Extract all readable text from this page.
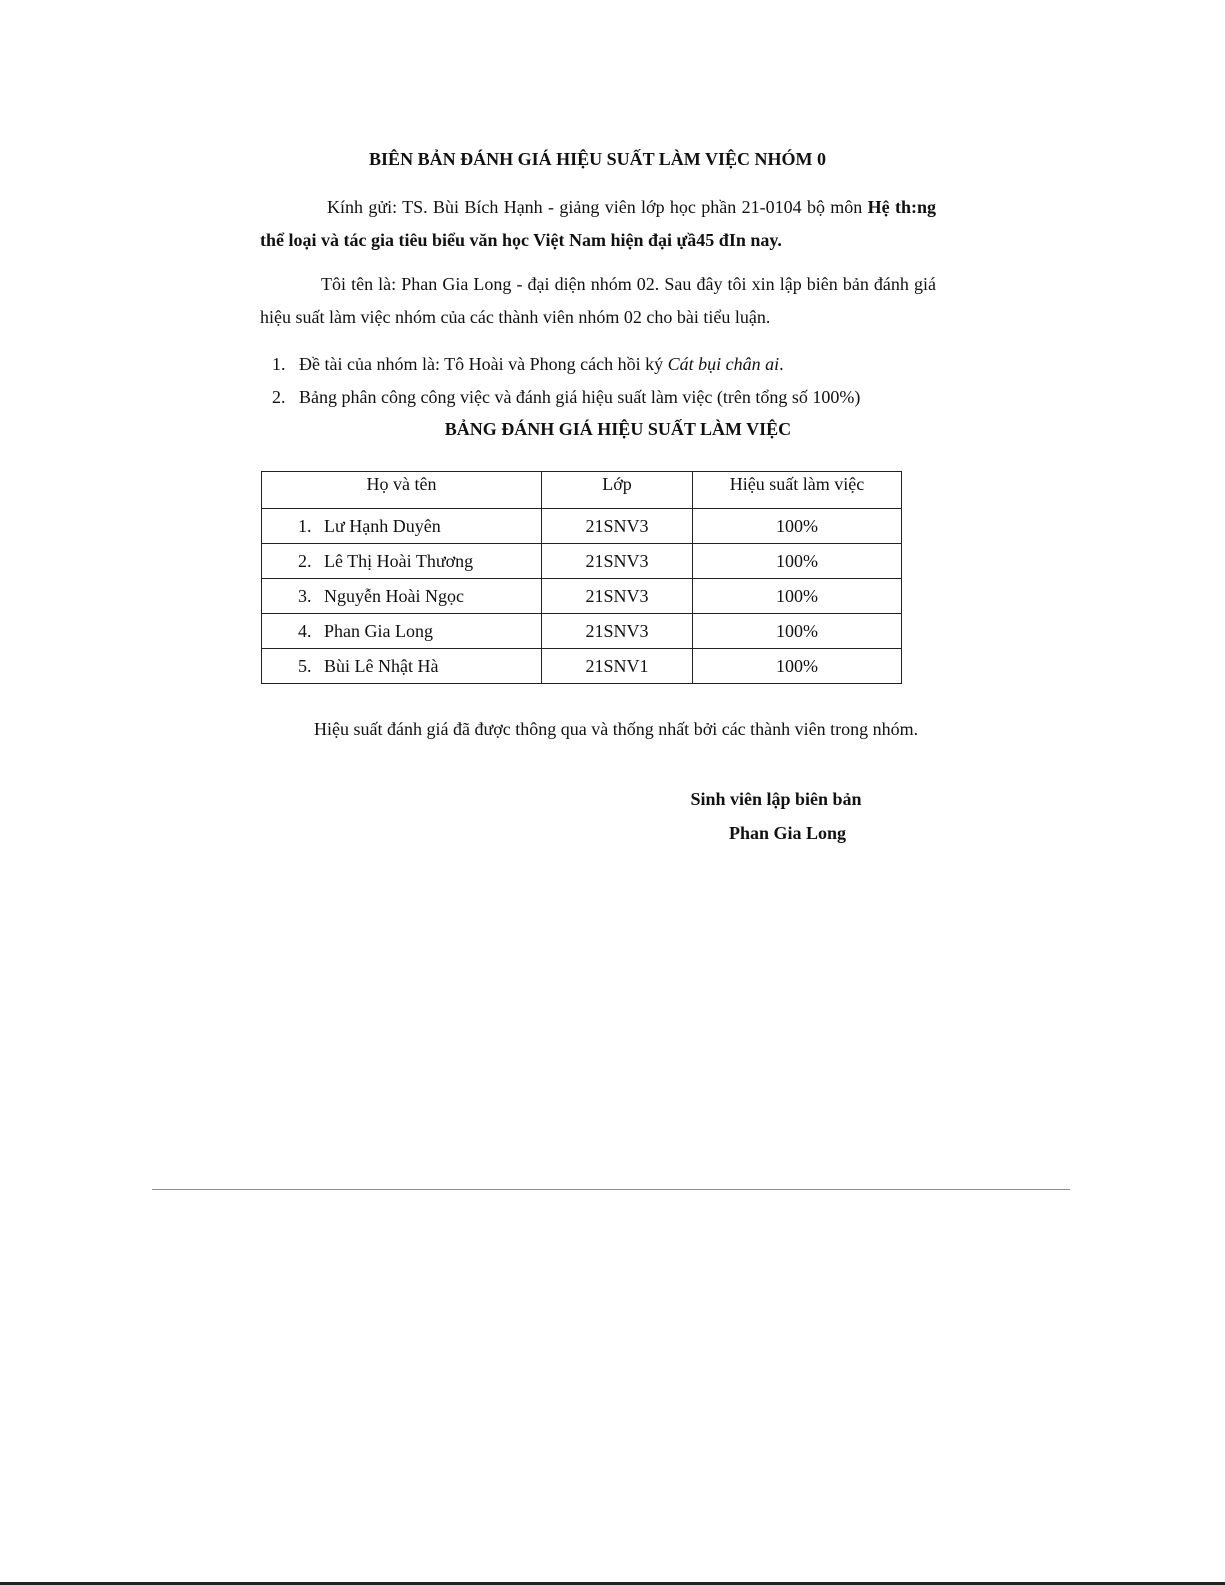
BIÊN BẢN ĐÁNH GIÁ HIỆU SUẤT LÀM VIỆC NHÓM 0
Kính gửi: TS. Bùi Bích Hạnh - giảng viên lớp học phần 21-0104 bộ môn Hệ th:ng thể loại và tác gia tiêu biểu văn học Việt Nam hiện đại ựầ45 đIn nay.
Tôi tên là: Phan Gia Long - đại diện nhóm 02. Sau đây tôi xin lập biên bản đánh giá hiệu suất làm việc nhóm của các thành viên nhóm 02 cho bài tiểu luận.
1. Đề tài của nhóm là: Tô Hoài và Phong cách hồi ký Cát bụi chân ai.
2. Bảng phân công công việc và đánh giá hiệu suất làm việc (trên tổng số 100%)
BẢNG ĐÁNH GIÁ HIỆU SUẤT LÀM VIỆC
Họ và tên	Lớp	Hiệu suất làm việc
1. Lư Hạnh Duyên	21SNV3	100%
2. Lê Thị Hoài Thương	21SNV3	100%
3. Nguyễn Hoài Ngọc	21SNV3	100%
4. Phan Gia Long	21SNV3	100%
5. Bùi Lê Nhật Hà	21SNV1	100%
Hiệu suất đánh giá đã được thông qua và thống nhất bởi các thành viên trong nhóm.
Sinh viên lập biên bản
Phan Gia Long
